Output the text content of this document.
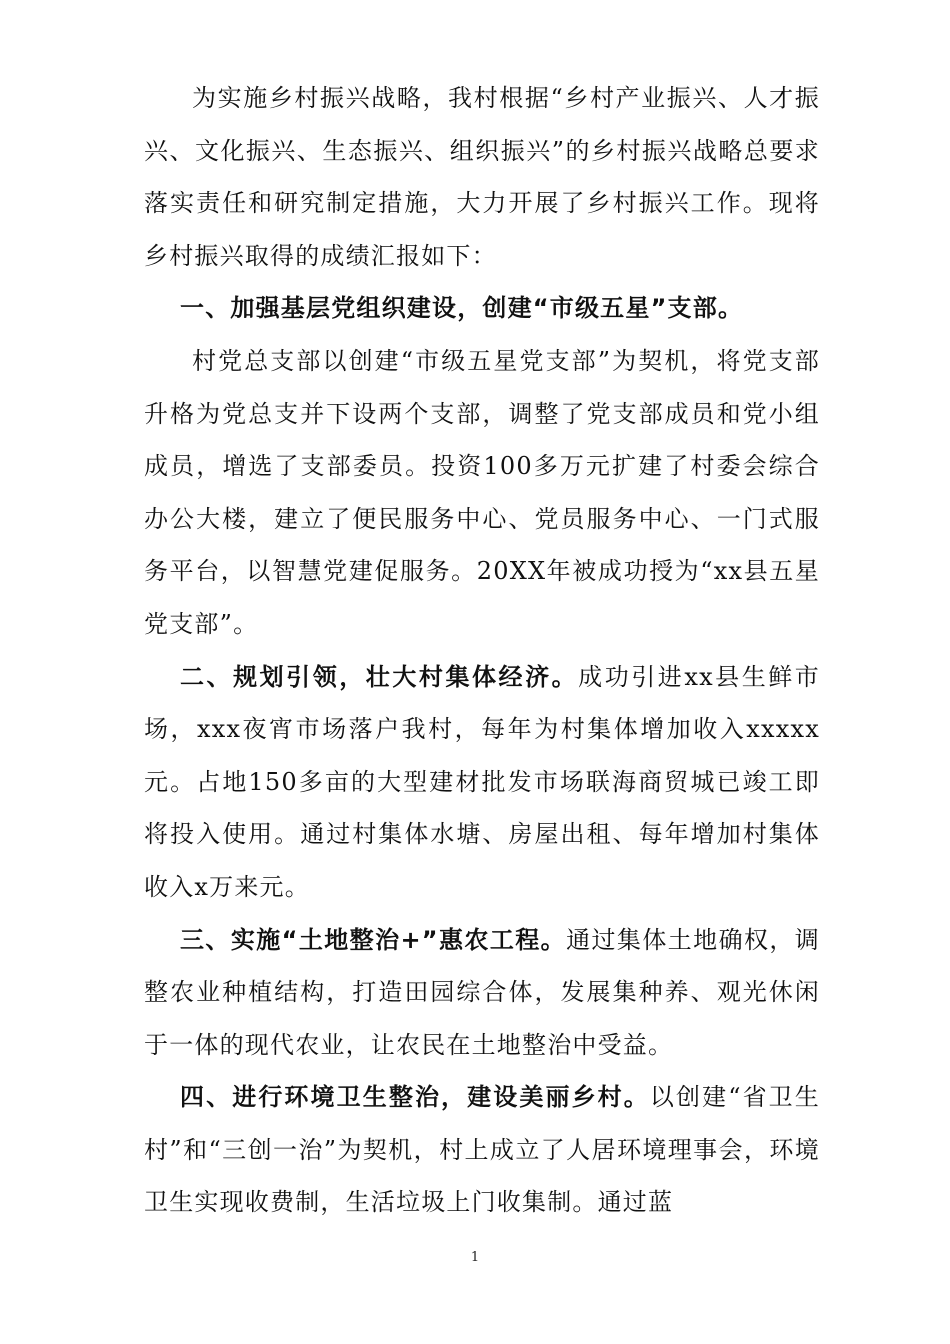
为实施乡村振兴战略，我村根据“乡村产业振兴、人才振兴、文化振兴、生态振兴、组织振兴”的乡村振兴战略总要求落实责任和研究制定措施，大力开展了乡村振兴工作。现将乡村振兴取得的成绩汇报如下：

一、加强基层党组织建设，创建“市级五星”支部。

村党总支部以创建“市级五星党支部”为契机，将党支部升格为党总支并下设两个支部，调整了党支部成员和党小组成员，增选了支部委员。投资100多万元扩建了村委会综合办公大楼，建立了便民服务中心、党员服务中心、一门式服务平台，以智慧党建促服务。20XX年被成功授为“xx县五星党支部”。

二、规划引领，壮大村集体经济。成功引进xx县生鲜市场，xxx夜宵市场落户我村，每年为村集体增加收入xxxxx元。占地150多亩的大型建材批发市场联海商贸城已竣工即将投入使用。通过村集体水塘、房屋出租、每年增加村集体收入x万来元。

三、实施“土地整治+”惠农工程。通过集体土地确权，调整农业种植结构，打造田园综合体，发展集种养、观光休闲于一体的现代农业，让农民在土地整治中受益。

四、进行环境卫生整治，建设美丽乡村。以创建“省卫生村”和“三创一治”为契机，村上成立了人居环境理事会，环境卫生实现收费制，生活垃圾上门收集制。通过蓝

1
